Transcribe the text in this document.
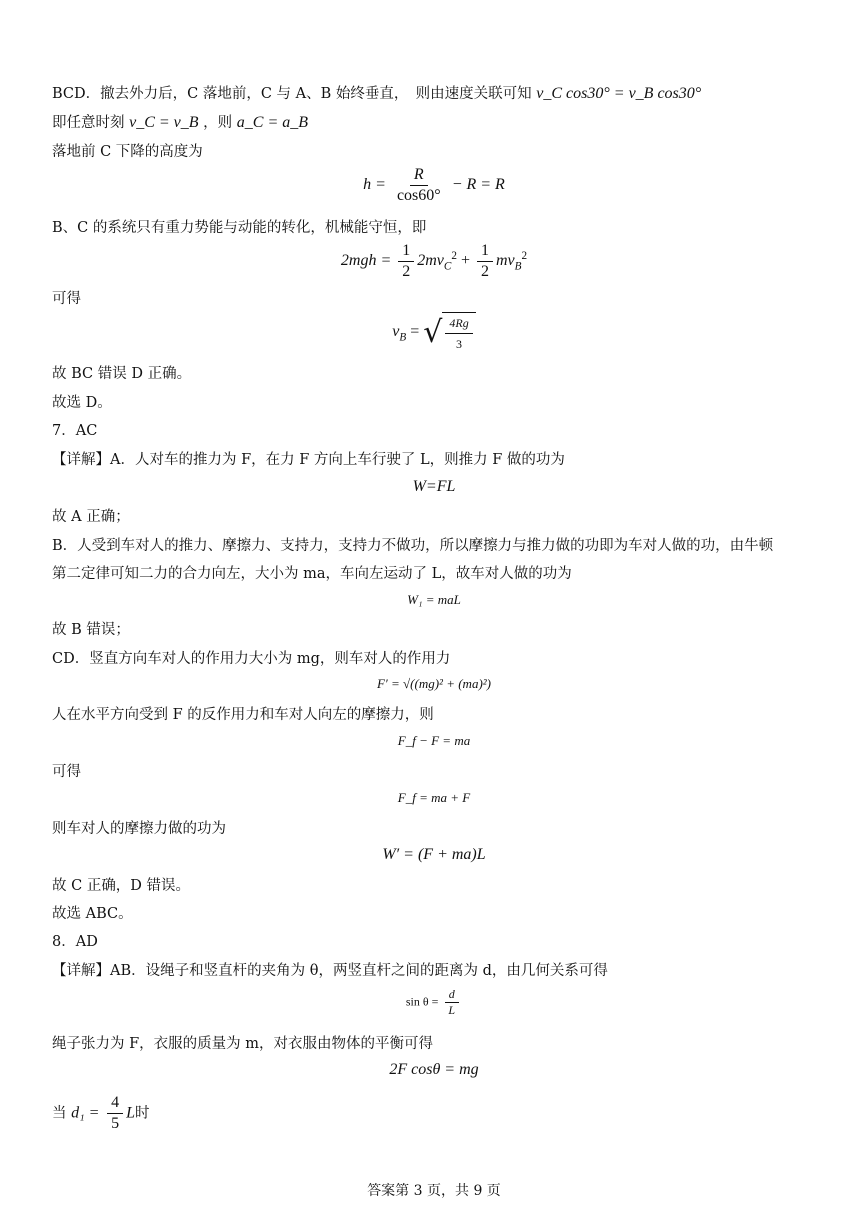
BCD．撤去外力后，C 落地前，C 与 A、B 始终垂直，　则由速度关联可知 v_C cos30° = v_B cos30°
即任意时刻 v_C = v_B ，则 a_C = a_B
落地前 C 下降的高度为
$h = \frac{R}{\cos 60^\circ} - R = R$
B、C 的系统只有重力势能与动能的转化，机械能守恒，即
$2mgh = \frac{1}{2} 2mv_C^2 + \frac{1}{2} mv_B^2$
可得
$v_B$ = √ $\frac{4Rg}{3}$
故 BC 错误 D 正确。
故选 D。
7．AC
【详解】A．人对车的推力为 F，在力 F 方向上车行驶了 L，则推力 F 做的功为
W=FL
故 A 正确；
B．人受到车对人的推力、摩擦力、支持力，支持力不做功，所以摩擦力与推力做的功即为车对人做的功，由牛顿
第二定律可知二力的合力向左，大小为 ma，车向左运动了 L，故车对人做的功为
W₁ = maL
故 B 错误；
CD．竖直方向车对人的作用力大小为 mg，则车对人的作用力
F′ = √((mg)² + (ma)²)
人在水平方向受到 F 的反作用力和车对人向左的摩擦力，则
F_f − F = ma
可得
F_f = ma + F
则车对人的摩擦力做的功为
W′ = (F + ma)L
故 C 正确，D 错误。
故选 ABC。
8．AD
【详解】AB．设绳子和竖直杆的夹角为 θ，两竖直杆之间的距离为 d，由几何关系可得
$\sin \theta = \frac{d}{L}$
绳子张力为 F，衣服的质量为 m，对衣服由物体的平衡可得
2F cosθ = mg
当 $d_1 = \frac{4}{5}$ L时
答案第 3 页，共 9 页
